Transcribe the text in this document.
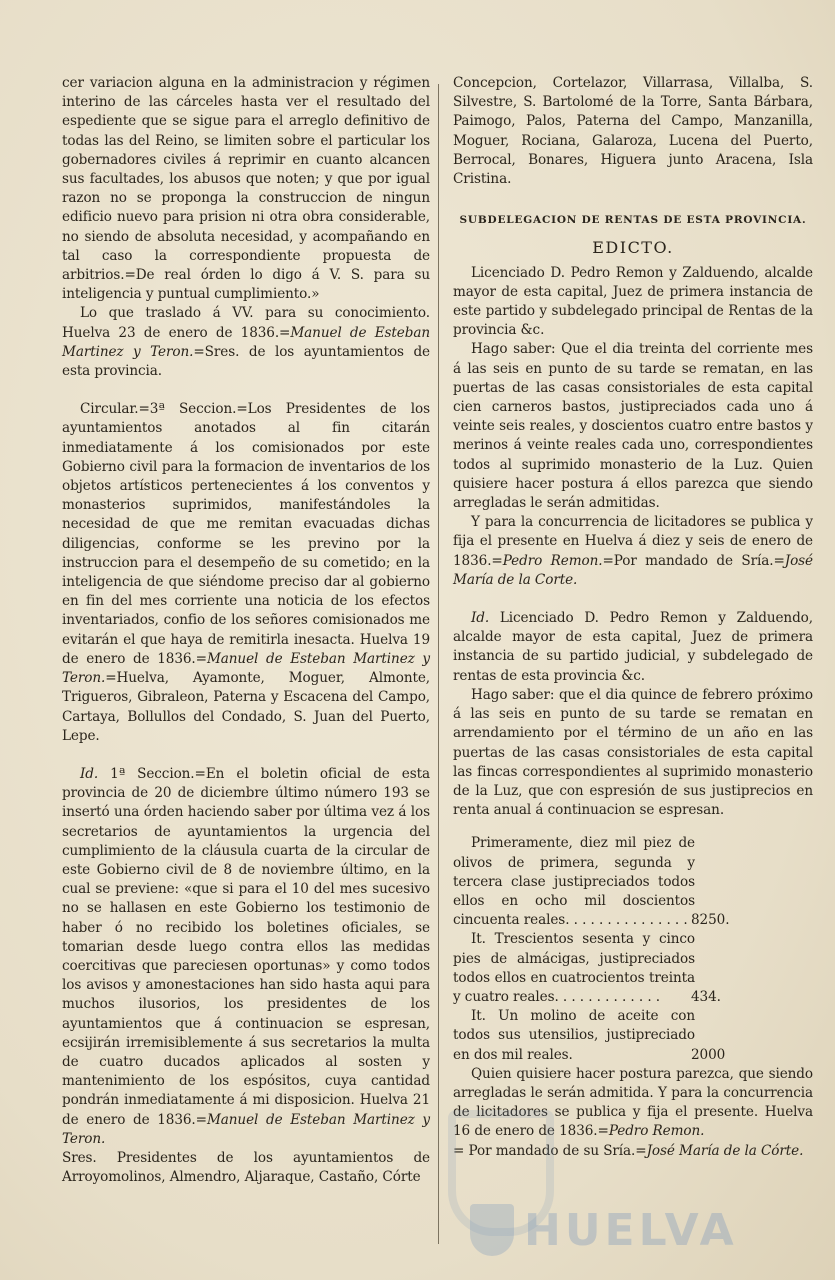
cer variacion alguna en la administracion y régimen interino de las cárceles hasta ver el resultado del espediente que se sigue para el arreglo definitivo de todas las del Reino, se limiten sobre el particular los gobernadores civiles á reprimir en cuanto alcancen sus facultades, los abusos que noten; y que por igual razon no se proponga la construccion de ningun edificio nuevo para prision ni otra obra considerable, no siendo de absoluta necesidad, y acompañando en tal caso la correspondiente propuesta de arbitrios.=De real órden lo digo á V. S. para su inteligencia y puntual cumplimiento.»

Lo que traslado á VV. para su conocimiento. Huelva 23 de enero de 1836.=Manuel de Esteban Martinez y Teron.=Sres. de los ayuntamientos de esta provincia.

Circular.=3ª Seccion.=Los Presidentes de los ayuntamientos anotados al fin citarán inmediatamente á los comisionados por este Gobierno civil para la formacion de inventarios de los objetos artísticos pertenecientes á los conventos y monasterios suprimidos, manifestándoles la necesidad de que me remitan evacuadas dichas diligencias, conforme se les previno por la instruccion para el desempeño de su cometido; en la inteligencia de que siéndome preciso dar al gobierno en fin del mes corriente una noticia de los efectos inventariados, confio de los señores comisionados me evitarán el que haya de remitirla inesacta. Huelva 19 de enero de 1836.=Manuel de Esteban Martinez y Teron.=Huelva, Ayamonte, Moguer, Almonte, Trigueros, Gibraleon, Paterna y Escacena del Campo, Cartaya, Bollullos del Condado, S. Juan del Puerto, Lepe.

Id. 1ª Seccion.=En el boletin oficial de esta provincia de 20 de diciembre último número 193 se insertó una órden haciendo saber por última vez á los secretarios de ayuntamientos la urgencia del cumplimiento de la cláusula cuarta de la circular de este Gobierno civil de 8 de noviembre último, en la cual se previene: «que si para el 10 del mes sucesivo no se hallasen en este Gobierno los testimonio de haber ó no recibido los boletines oficiales, se tomarian desde luego contra ellos las medidas coercitivas que pareciesen oportunas» y como todos los avisos y amonestaciones han sido hasta aqui para muchos ilusorios, los presidentes de los ayuntamientos que á continuacion se espresan, ecsijirán irremisiblemente á sus secretarios la multa de cuatro ducados aplicados al sosten y mantenimiento de los espósitos, cuya cantidad pondrán inmediatamente á mi disposicion. Huelva 21 de enero de 1836.=Manuel de Esteban Martinez y Teron.
Sres. Presidentes de los ayuntamientos de Arroyomolinos, Almendro, Aljaraque, Castaño, Córte

Concepcion, Cortelazor, Villarrasa, Villalba, S. Silvestre, S. Bartolomé de la Torre, Santa Bárbara, Paimogo, Palos, Paterna del Campo, Manzanilla, Moguer, Rociana, Galaroza, Lucena del Puerto, Berrocal, Bonares, Higuera junto Aracena, Isla Cristina.

SUBDELEGACION DE RENTAS DE ESTA PROVINCIA.
EDICTO.

Licenciado D. Pedro Remon y Zalduendo, alcalde mayor de esta capital, Juez de primera instancia de este partido y subdelegado principal de Rentas de la provincia &c.

Hago saber: Que el dia treinta del corriente mes á las seis en punto de su tarde se rematan, en las puertas de las casas consistoriales de esta capital cien carneros bastos, justipreciados cada uno á veinte seis reales, y doscientos cuatro entre bastos y merinos á veinte reales cada uno, correspondientes todos al suprimido monasterio de la Luz. Quien quisiere hacer postura á ellos parezca que siendo arregladas le serán admitidas.

Y para la concurrencia de licitadores se publica y fija el presente en Huelva á diez y seis de enero de 1836.=Pedro Remon.=Por mandado de Sría.=José María de la Corte.

Id. Licenciado D. Pedro Remon y Zalduendo, alcalde mayor de esta capital, Juez de primera instancia de su partido judicial, y subdelegado de rentas de esta provincia &c.

Hago saber: que el dia quince de febrero próximo á las seis en punto de su tarde se rematan en arrendamiento por el término de un año en las puertas de las casas consistoriales de esta capital las fincas correspondientes al suprimido monasterio de la Luz, que con espresión de sus justiprecios en renta anual á continuacion se espresan.

Primeramente, diez mil piez de olivos de primera, segunda y tercera clase justipreciados todos ellos en ocho mil doscientos cincuenta reales. . . . . . . . . . . . . . . 8250.
It. Trescientos sesenta y cinco pies de almácigas, justipreciados todos ellos en cuatrocientos treinta y cuatro reales. . . . . . . . . . . . .	434.
It. Un molino de aceite con todos sus utensilios, justipreciado en dos mil reales.	2000

Quien quisiere hacer postura parezca, que siendo arregladas le serán admitida. Y para la concurrencia de licitadores se publica y fija el presente. Huelva 16 de enero de 1836.=Pedro Remon.
= Por mandado de su Sría.=José María de la Córte.

HUELVA
